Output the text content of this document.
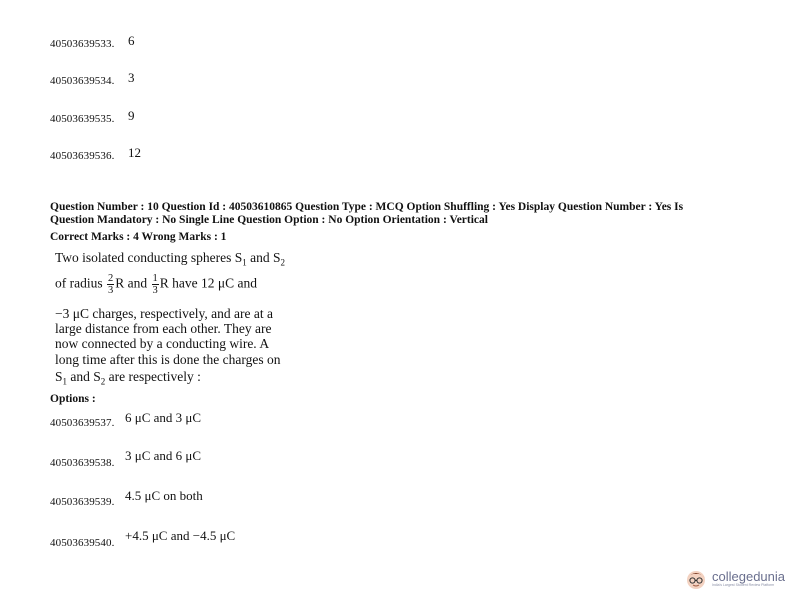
40503639533. 6
40503639534. 3
40503639535. 9
40503639536. 12
Question Number : 10 Question Id : 40503610865 Question Type : MCQ Option Shuffling : Yes Display Question Number : Yes Is
Question Mandatory : No Single Line Question Option : No Option Orientation : Vertical
Correct Marks : 4 Wrong Marks : 1
Two isolated conducting spheres $S_1$ and $S_2$
of radius $\frac{2}{3}$ R and $\frac{1}{3}$ R have 12 μC and
−3 μC charges, respectively, and are at a
large distance from each other. They are
now connected by a conducting wire. A
long time after this is done the charges on
$S_1$ and $S_2$ are respectively :
Options :
40503639537. 6 μC and 3 μC
40503639538. 3 μC and 6 μC
40503639539. 4.5 μC on both
40503639540. +4.5 μC and −4.5 μC
collegedunia
India's Largest Student Review Platform
